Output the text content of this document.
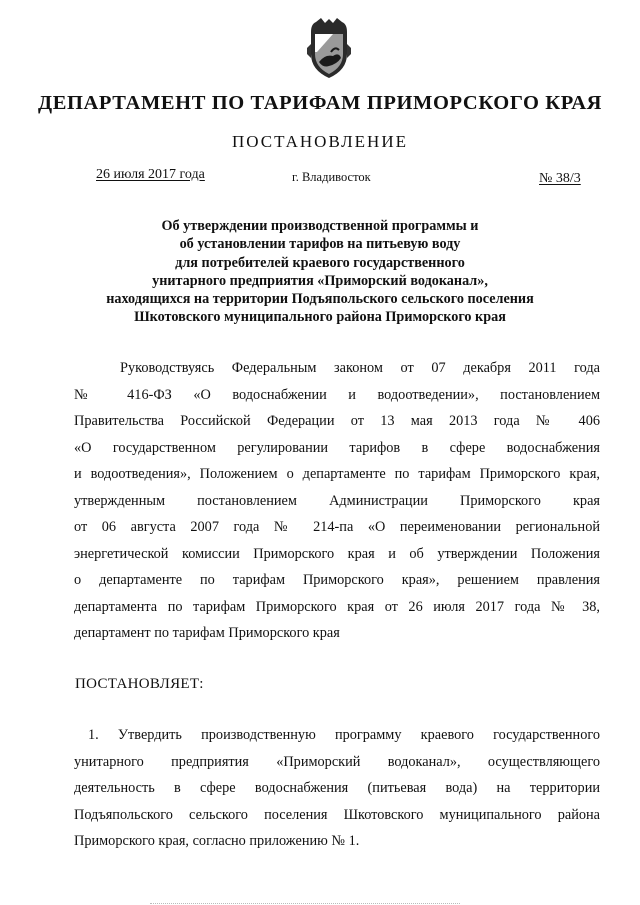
ДЕПАРТАМЕНТ ПО ТАРИФАМ ПРИМОРСКОГО КРАЯ
ПОСТАНОВЛЕНИЕ
26 июля 2017 года	г. Владивосток	№ 38/3
Об утверждении производственной программы и
об установлении тарифов на питьевую воду
для потребителей краевого государственного
унитарного предприятия «Приморский водоканал»,
находящихся на территории Подъяпольского сельского поселения
Шкотовского муниципального района Приморского края
Руководствуясь Федеральным законом от 07 декабря 2011 года
№ 416-ФЗ «О водоснабжении и водоотведении», постановлением
Правительства Российской Федерации от 13 мая 2013 года № 406
«О государственном регулировании тарифов в сфере водоснабжения
и водоотведения», Положением о департаменте по тарифам Приморского края,
утвержденным постановлением Администрации Приморского края
от 06 августа 2007 года № 214-па «О переименовании региональной
энергетической комиссии Приморского края и об утверждении Положения
о департаменте по тарифам Приморского края», решением правления
департамента по тарифам Приморского края от 26 июля 2017 года № 38,
департамент по тарифам Приморского края
ПОСТАНОВЛЯЕТ:
1. Утвердить производственную программу краевого государственного
унитарного предприятия «Приморский водоканал», осуществляющего
деятельность в сфере водоснабжения (питьевая вода) на территории
Подъяпольского сельского поселения Шкотовского муниципального района
Приморского края, согласно приложению № 1.
